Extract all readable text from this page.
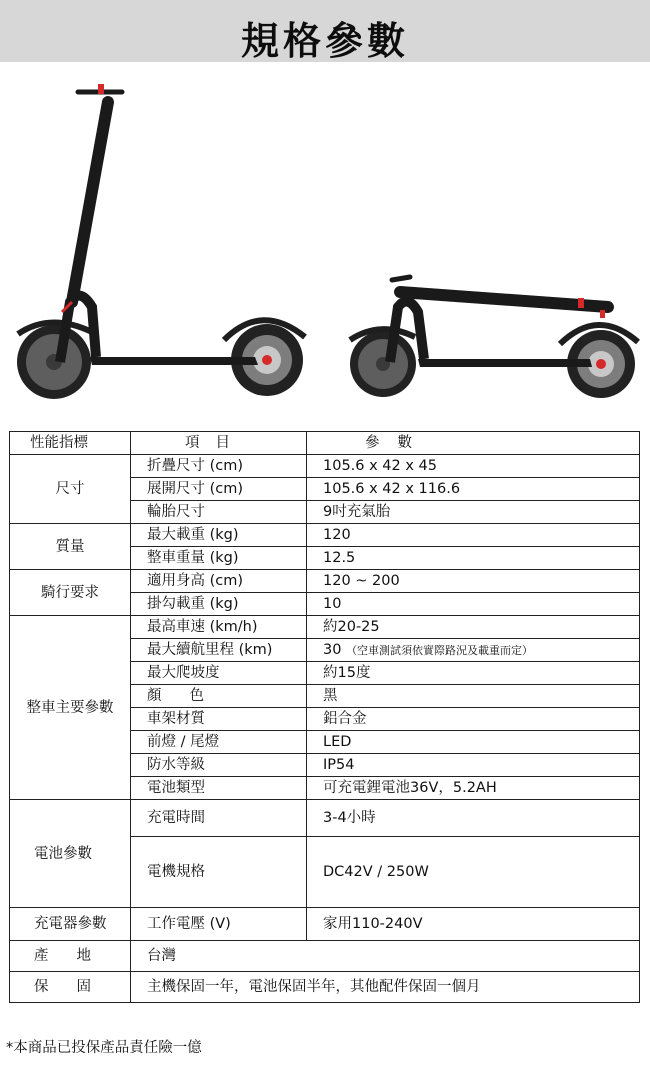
規格參數
性能指標	項目	參數
尺寸	折疊尺寸 (cm)	105.6 x 42 x 45
	展開尺寸 (cm)	105.6 x 42 x 116.6
	輪胎尺寸	9吋充氣胎
質量	最大載重 (kg)	120
	整車重量 (kg)	12.5
騎行要求	適用身高 (cm)	120 ~ 200
	掛勾載重 (kg)	10
整車主要參數	最高車速 (km/h)	約20-25
	最大續航里程 (km)	30 （空車測試須依實際路況及載重而定）
	最大爬坡度	約15度
	顏色	黑
	車架材質	鋁合金
	前燈 / 尾燈	LED
	防水等級	IP54
	電池類型	可充電鋰電池36V，5.2AH
電池參數	充電時間	3-4小時
	電機規格	DC42V / 250W
充電器參數	工作電壓 (V)	家用110-240V
產地	台灣	
保固	主機保固一年，電池保固半年，其他配件保固一個月	
*本商品已投保產品責任險一億
